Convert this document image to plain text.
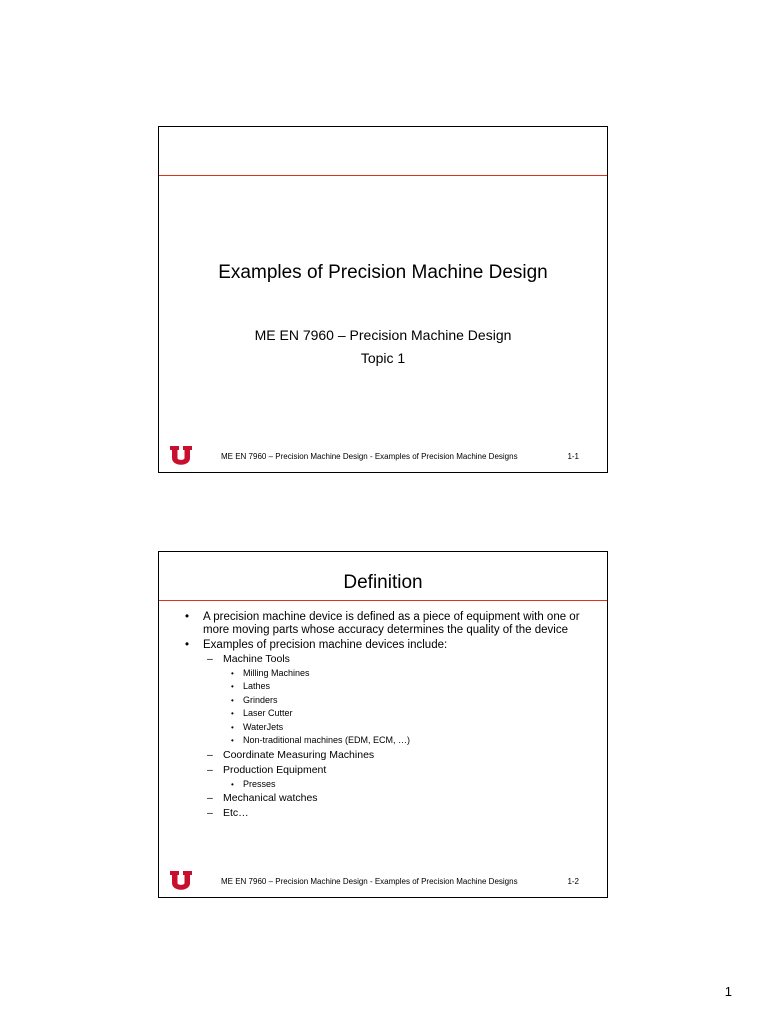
Examples of Precision Machine Design
ME EN 7960 – Precision Machine Design
Topic 1
ME EN 7960 – Precision Machine Design - Examples of Precision Machine Designs	1-1
Definition
• A precision machine device is defined as a piece of equipment with one or more moving parts whose accuracy determines the quality of the device
• Examples of precision machine devices include:
– Machine Tools
• Milling Machines
• Lathes
• Grinders
• Laser Cutter
• WaterJets
• Non-traditional machines (EDM, ECM, …)
– Coordinate Measuring Machines
– Production Equipment
• Presses
– Mechanical watches
– Etc…
ME EN 7960 – Precision Machine Design - Examples of Precision Machine Designs	1-2
1
